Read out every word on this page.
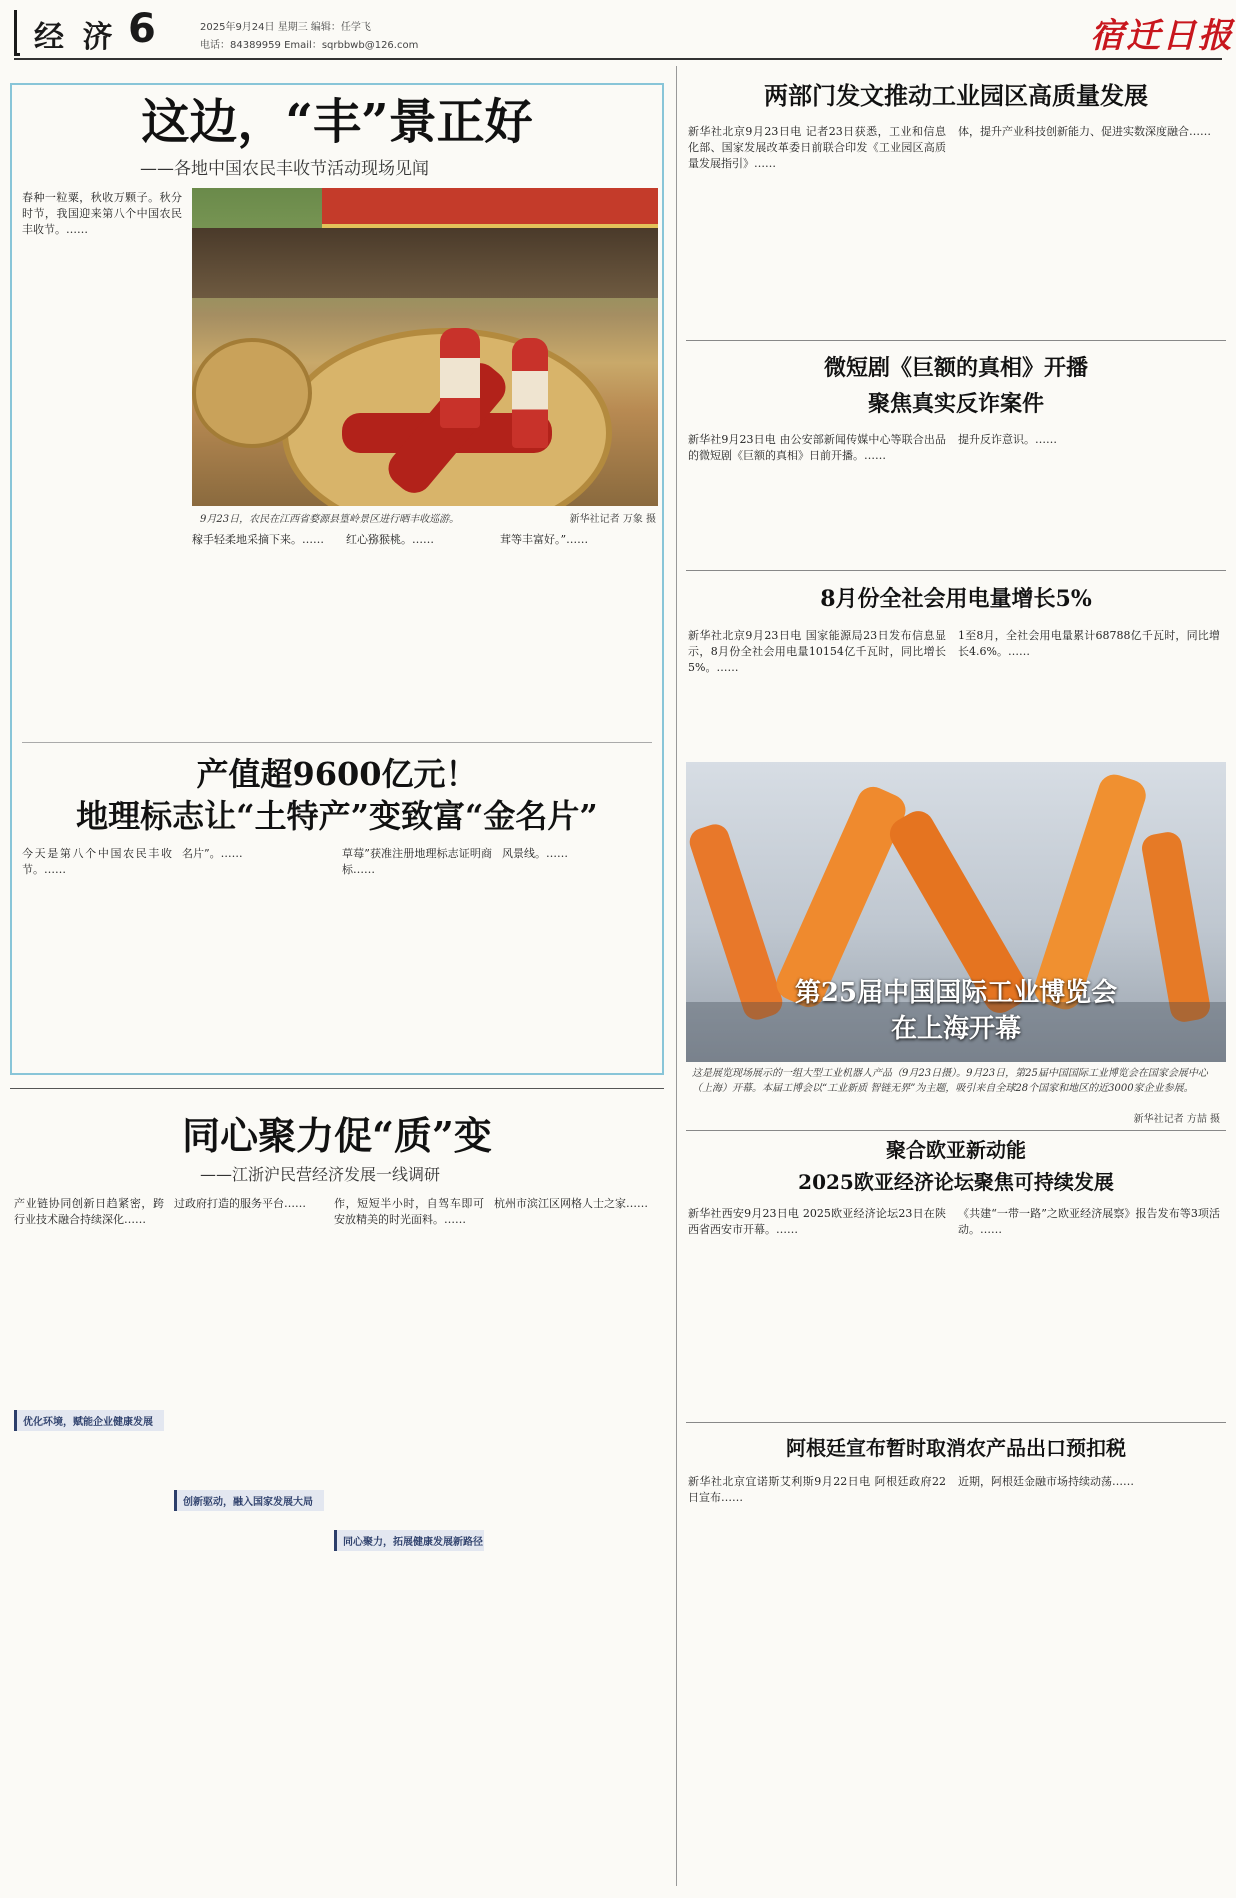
经 济 6	2025年9月24日 星期三 编辑：任学飞
电话：84389959 Email：sqrbbwb@126.com	宿迁日报
这边，“丰”景正好
——各地中国农民丰收节活动现场见闻
9月23日，农民在江西省婺源县篁岭景区进行晒丰收巡游。	新华社记者 万象 摄
春种一粒粟，秋收万颗子。秋分时节，我国迎来第八个中国农民丰收节。……
稼手轻柔地采摘下来。……	红心猕猴桃。……	茸等丰富好。”……
产值超9600亿元！
地理标志让“土特产”变致富“金名片”
今天是第八个中国农民丰收节。……
名片”。……	草莓”获准注册地理标志证明商标……
风景线。……
同心聚力促“质”变
——江浙沪民营经济发展一线调研
产业链协同创新日趋紧密，跨行业技术融合持续深化……
优化环境，赋能企业健康发展
过政府打造的服务平台……
创新驱动，融入国家发展大局
作，短短半小时，自驾车即可安放精美的时光面料。……
同心聚力，拓展健康发展新路径
杭州市滨江区网格人士之家……
两部门发文推动工业园区高质量发展
新华社北京9月23日电 记者23日获悉，工业和信息化部、国家发展改革委日前联合印发《工业园区高质量发展指引》……
体，提升产业科技创新能力、促进实数深度融合……
微短剧《巨额的真相》开播
聚焦真实反诈案件
新华社9月23日电 由公安部新闻传媒中心等联合出品的微短剧《巨额的真相》日前开播。……
提升反诈意识。……
8月份全社会用电量增长5%
新华社北京9月23日电 国家能源局23日发布信息显示，8月份全社会用电量10154亿千瓦时，同比增长5%。……
1至8月，全社会用电量累计68788亿千瓦时，同比增长4.6%。……
第25届中国国际工业博览会
在上海开幕
这是展览现场展示的一组大型工业机器人产品（9月23日摄）。9月23日，第25届中国国际工业博览会在国家会展中心（上海）开幕。本届工博会以“工业新质 智链无界”为主题，吸引来自全球28个国家和地区的近3000家企业参展。
新华社记者 方喆 摄
聚合欧亚新动能
2025欧亚经济论坛聚焦可持续发展
新华社西安9月23日电 2025欧亚经济论坛23日在陕西省西安市开幕。……
《共建“一带一路”之欧亚经济展察》报告发布等3项活动。……
阿根廷宣布暂时取消农产品出口预扣税
新华社北京宜诺斯艾利斯9月22日电 阿根廷政府22日宣布……
近期，阿根廷金融市场持续动荡……
